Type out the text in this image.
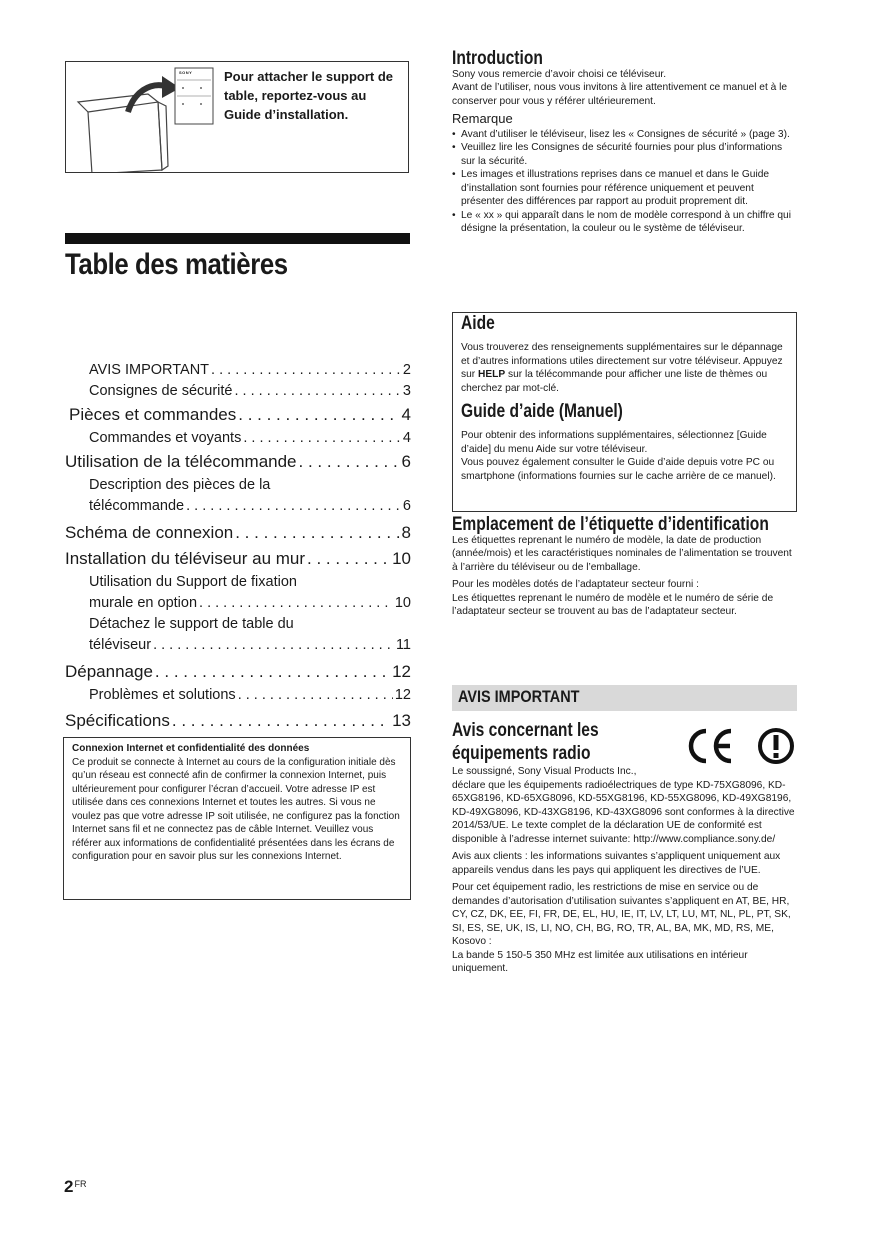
SONY Pour attacher le support de table, reportez-vous au Guide d’installation.
Table des matières
AVIS IMPORTANT . . .	2
Consignes de sécurité . . .	3
Pièces et commandes . . .	4
Commandes et voyants . . .	4
Utilisation de la télécommande . . .	6
Description des pièces de la
télécommande . . .	6
Schéma de connexion . . .	8
Installation du téléviseur au mur . . .	10
Utilisation du Support de fixation
murale en option . . .	10
Détachez le support de table du
téléviseur . . .	11
Dépannage . . .	12
Problèmes et solutions . . .	12
Spécifications . . .	13
Connexion Internet et confidentialité des données
Ce produit se connecte à Internet au cours de la configuration initiale dès qu’un réseau est connecté afin de confirmer la connexion Internet, puis ultérieurement pour configurer l’écran d’accueil. Votre adresse IP est utilisée dans ces connexions Internet et toutes les autres. Si vous ne voulez pas que votre adresse IP soit utilisée, ne configurez pas la fonction Internet sans fil et ne connectez pas de câble Internet. Veuillez vous référer aux informations de confidentialité présentées dans les écrans de configuration pour en savoir plus sur les connexions Internet.
Introduction

Sony vous remercie d’avoir choisi ce téléviseur.

Avant de l’utiliser, nous vous invitons à lire attentivement ce manuel et à le conserver pour vous y référer ultérieurement.

Remarque
• Avant d’utiliser le téléviseur, lisez les « Consignes de sécurité » (page 3).
• Veuillez lire les Consignes de sécurité fournies pour plus d’informations sur la sécurité.
• Les images et illustrations reprises dans ce manuel et dans le Guide d’installation sont fournies pour référence uniquement et peuvent présenter des différences par rapport au produit proprement dit.
• Le « xx » qui apparaît dans le nom de modèle correspond à un chiffre qui désigne la présentation, la couleur ou le système de téléviseur.
Aide

Vous trouverez des renseignements supplémentaires sur le dépannage et d’autres informations utiles directement sur votre téléviseur. Appuyez sur HELP sur la télécommande pour afficher une liste de thèmes ou cherchez par mot-clé.

Guide d’aide (Manuel)

Pour obtenir des informations supplémentaires, sélectionnez [Guide d’aide] du menu Aide sur votre téléviseur.

Vous pouvez également consulter le Guide d’aide depuis votre PC ou smartphone (informations fournies sur le cache arrière de ce manuel).

Emplacement de l’étiquette d’identification

Les étiquettes reprenant le numéro de modèle, la date de production (année/mois) et les caractéristiques nominales de l’alimentation se trouvent à l’arrière du téléviseur ou de l’emballage.

Pour les modèles dotés de l’adaptateur secteur fourni :

Les étiquettes reprenant le numéro de modèle et le numéro de série de l’adaptateur secteur se trouvent au bas de l’adaptateur secteur.

AVIS IMPORTANT
Avis concernant les
équipements radio

Le soussigné, Sony Visual Products Inc.,

déclare que les équipements radioélectriques de type KD-75XG8096, KD-65XG8196, KD-65XG8096, KD-55XG8196, KD-55XG8096, KD-49XG8196, KD-49XG8096, KD-43XG8196, KD-43XG8096 sont conformes à la directive 2014/53/UE. Le texte complet de la déclaration UE de conformité est disponible à l’adresse internet suivante: http://www.compliance.sony.de/

Avis aux clients : les informations suivantes s’appliquent uniquement aux appareils vendus dans les pays qui appliquent les directives de l’UE.

Pour cet équipement radio, les restrictions de mise en service ou de demandes d’autorisation d’utilisation suivantes s’appliquent en AT, BE, HR, CY, CZ, DK, EE, FI, FR, DE, EL, HU, IE, IT, LV, LT, LU, MT, NL, PL, PT, SK, SI, ES, SE, UK, IS, LI, NO, CH, BG, RO, TR, AL, BA, MK, MD, RS, ME, Kosovo :

La bande 5 150-5 350 MHz est limitée aux utilisations en intérieur uniquement.

$2^{FR}$
